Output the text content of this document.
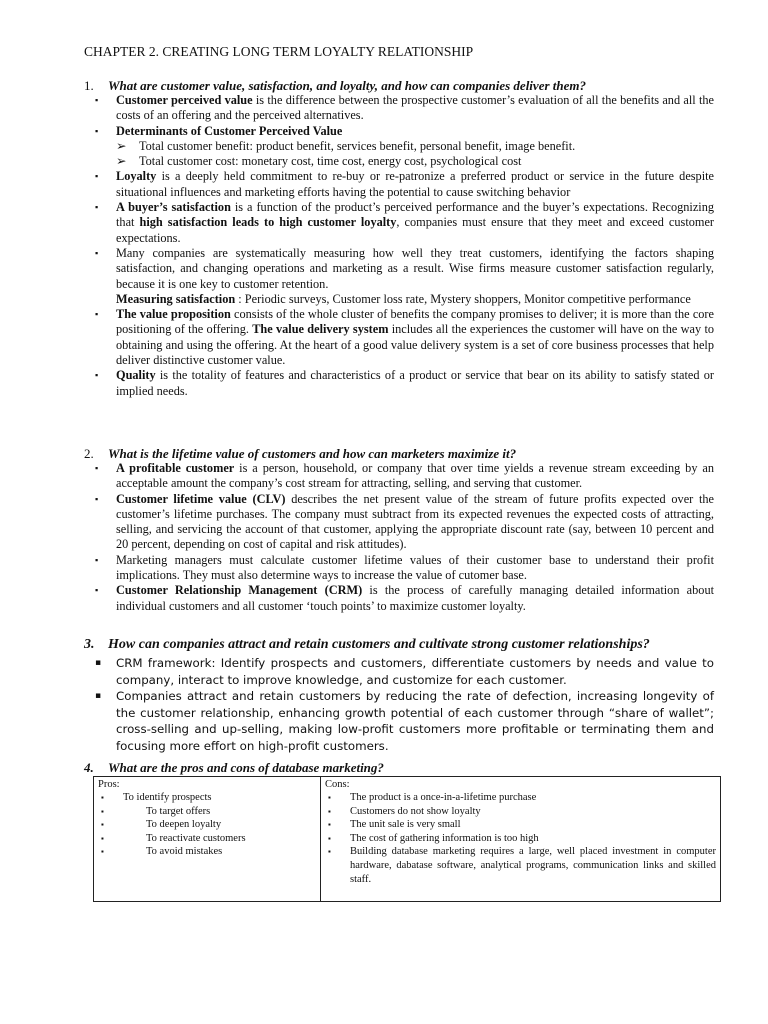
CHAPTER 2. CREATING LONG TERM LOYALTY RELATIONSHIP
1. What are customer value, satisfaction, and loyalty, and how can companies deliver them?
▪ Customer perceived value is the difference between the prospective customer’s evaluation of all the benefits and all the costs of an offering and the perceived alternatives.
▪ Determinants of Customer Perceived Value
➢ Total customer benefit: product benefit, services benefit, personal benefit, image benefit.
➢ Total customer cost: monetary cost, time cost, energy cost, psychological cost
▪ Loyalty is a deeply held commitment to re-buy or re-patronize a preferred product or service in the future despite situational influences and marketing efforts having the potential to cause switching behavior
▪ A buyer’s satisfaction is a function of the product’s perceived performance and the buyer’s expectations. Recognizing that high satisfaction leads to high customer loyalty, companies must ensure that they meet and exceed customer expectations.
▪ Many companies are systematically measuring how well they treat customers, identifying the factors shaping satisfaction, and changing operations and marketing as a result. Wise firms measure customer satisfaction regularly, because it is one key to customer retention.
Measuring satisfaction : Periodic surveys, Customer loss rate, Mystery shoppers, Monitor competitive performance
▪ The value proposition consists of the whole cluster of benefits the company promises to deliver; it is more than the core positioning of the offering. The value delivery system includes all the experiences the customer will have on the way to obtaining and using the offering. At the heart of a good value delivery system is a set of core business processes that help deliver distinctive customer value.
▪ Quality is the totality of features and characteristics of a product or service that bear on its ability to satisfy stated or implied needs.
2. What is the lifetime value of customers and how can marketers maximize it?
▪ A profitable customer is a person, household, or company that over time yields a revenue stream exceeding by an acceptable amount the company’s cost stream for attracting, selling, and serving that customer.
▪ Customer lifetime value (CLV) describes the net present value of the stream of future profits expected over the customer’s lifetime purchases. The company must subtract from its expected revenues the expected costs of attracting, selling, and servicing the account of that customer, applying the appropriate discount rate (say, between 10 percent and 20 percent, depending on cost of capital and risk attitudes).
▪ Marketing managers must calculate customer lifetime values of their customer base to understand their profit implications. They must also determine ways to increase the value of cutomer base.
▪ Customer Relationship Management (CRM) is the process of carefully managing detailed information about individual customers and all customer ‘touch points’ to maximize customer loyalty.
3. How can companies attract and retain customers and cultivate strong customer relationships?
▪ CRM framework: Identify prospects and customers, differentiate customers by needs and value to company, interact to improve knowledge, and customize for each customer.
▪ Companies attract and retain customers by reducing the rate of defection, increasing longevity of the customer relationship, enhancing growth potential of each customer through “share of wallet”; cross-selling and up-selling, making low-profit customers more profitable or terminating them and focusing more effort on high-profit customers.
4. What are the pros and cons of database marketing?
Pros:
▪ To identify prospects
▪	To target offers
▪	To deepen loyalty
▪	To reactivate customers
▪	To avoid mistakes

Cons:
▪ The product is a once-in-a-lifetime purchase
▪ Customers do not show loyalty
▪ The unit sale is very small
▪ The cost of gathering information is too high
▪ Building database marketing requires a large, well placed investment in computer hardware, dabatase software, analytical programs, communication links and skilled staff.
